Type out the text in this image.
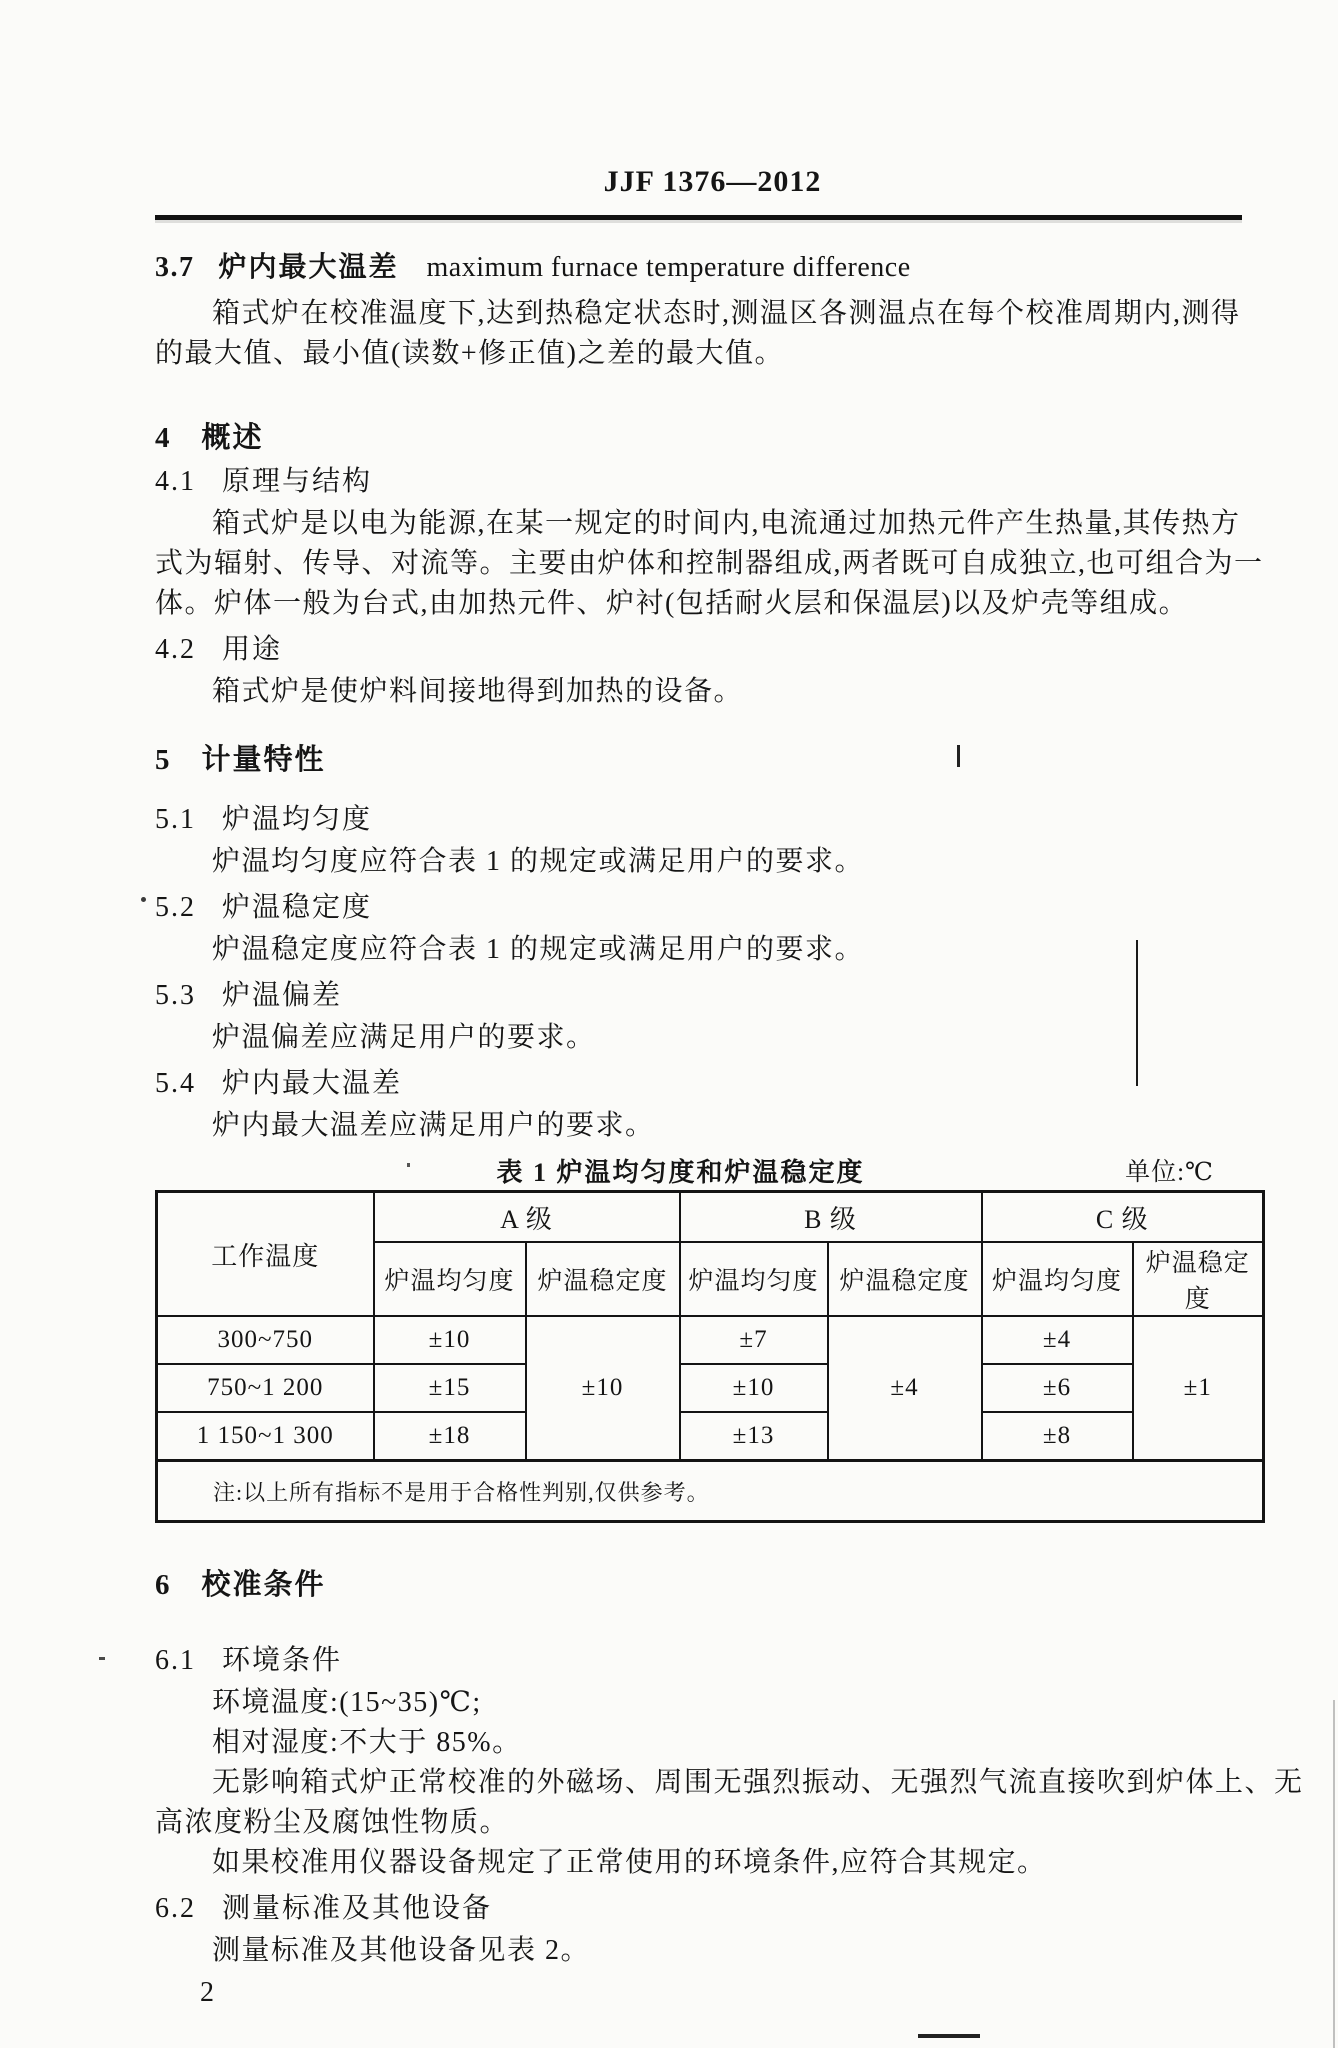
JJF 1376—2012
3.7 炉内最大温差 maximum furnace temperature difference
箱式炉在校准温度下,达到热稳定状态时,测温区各测温点在每个校准周期内,测得
的最大值、最小值(读数+修正值)之差的最大值。
4 概述
4.1 原理与结构
箱式炉是以电为能源,在某一规定的时间内,电流通过加热元件产生热量,其传热方
式为辐射、传导、对流等。主要由炉体和控制器组成,两者既可自成独立,也可组合为一
体。炉体一般为台式,由加热元件、炉衬(包括耐火层和保温层)以及炉壳等组成。
4.2 用途
箱式炉是使炉料间接地得到加热的设备。
5 计量特性
5.1 炉温均匀度
炉温均匀度应符合表 1 的规定或满足用户的要求。
5.2 炉温稳定度
炉温稳定度应符合表 1 的规定或满足用户的要求。
5.3 炉温偏差
炉温偏差应满足用户的要求。
5.4 炉内最大温差
炉内最大温差应满足用户的要求。
表 1 炉温均匀度和炉温稳定度	单位:℃
工作温度	A 级		B 级		C 级	
	炉温均匀度	炉温稳定度	炉温均匀度	炉温稳定度	炉温均匀度	炉温稳定度
300~750	±10	±10	±7	±4	±4	±1
750~1 200	±15		±10		±6	
1 150~1 300	±18		±13		±8	
注:以上所有指标不是用于合格性判别,仅供参考。						
6 校准条件
6.1 环境条件
环境温度:(15~35)℃;
相对湿度:不大于 85%。
无影响箱式炉正常校准的外磁场、周围无强烈振动、无强烈气流直接吹到炉体上、无
高浓度粉尘及腐蚀性物质。
如果校准用仪器设备规定了正常使用的环境条件,应符合其规定。
6.2 测量标准及其他设备
测量标准及其他设备见表 2。
2
